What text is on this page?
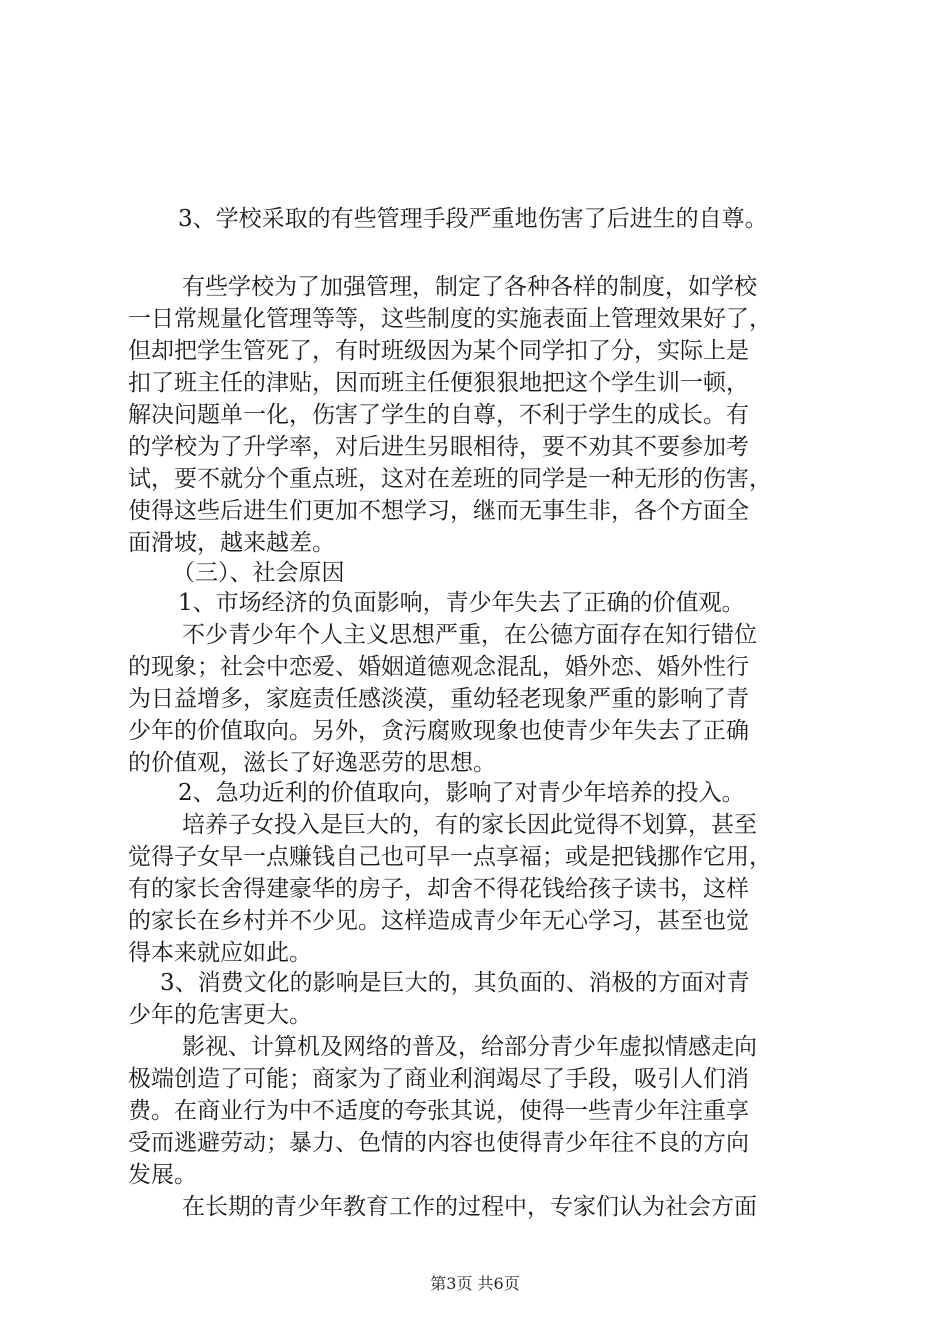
3、学校采取的有些管理手段严重地伤害了后进生的自尊。
有些学校为了加强管理，制定了各种各样的制度，如学校
一日常规量化管理等等，这些制度的实施表面上管理效果好了，
但却把学生管死了，有时班级因为某个同学扣了分，实际上是
扣了班主任的津贴，因而班主任便狠狠地把这个学生训一顿，
解决问题单一化，伤害了学生的自尊，不利于学生的成长。有
的学校为了升学率，对后进生另眼相待，要不劝其不要参加考
试，要不就分个重点班，这对在差班的同学是一种无形的伤害，
使得这些后进生们更加不想学习，继而无事生非，各个方面全
面滑坡，越来越差。
（三）、社会原因
1、市场经济的负面影响，青少年失去了正确的价值观。
不少青少年个人主义思想严重，在公德方面存在知行错位
的现象；社会中恋爱、婚姻道德观念混乱，婚外恋、婚外性行
为日益增多，家庭责任感淡漠，重幼轻老现象严重的影响了青
少年的价值取向。另外，贪污腐败现象也使青少年失去了正确
的价值观，滋长了好逸恶劳的思想。
2、急功近利的价值取向，影响了对青少年培养的投入。
培养子女投入是巨大的，有的家长因此觉得不划算，甚至
觉得子女早一点赚钱自己也可早一点享福；或是把钱挪作它用，
有的家长舍得建豪华的房子，却舍不得花钱给孩子读书，这样
的家长在乡村并不少见。这样造成青少年无心学习，甚至也觉
得本来就应如此。
3、消费文化的影响是巨大的，其负面的、消极的方面对青
少年的危害更大。
影视、计算机及网络的普及，给部分青少年虚拟情感走向
极端创造了可能；商家为了商业利润竭尽了手段，吸引人们消
费。在商业行为中不适度的夸张其说，使得一些青少年注重享
受而逃避劳动；暴力、色情的内容也使得青少年往不良的方向
发展。
在长期的青少年教育工作的过程中，专家们认为社会方面
第3页 共6页
